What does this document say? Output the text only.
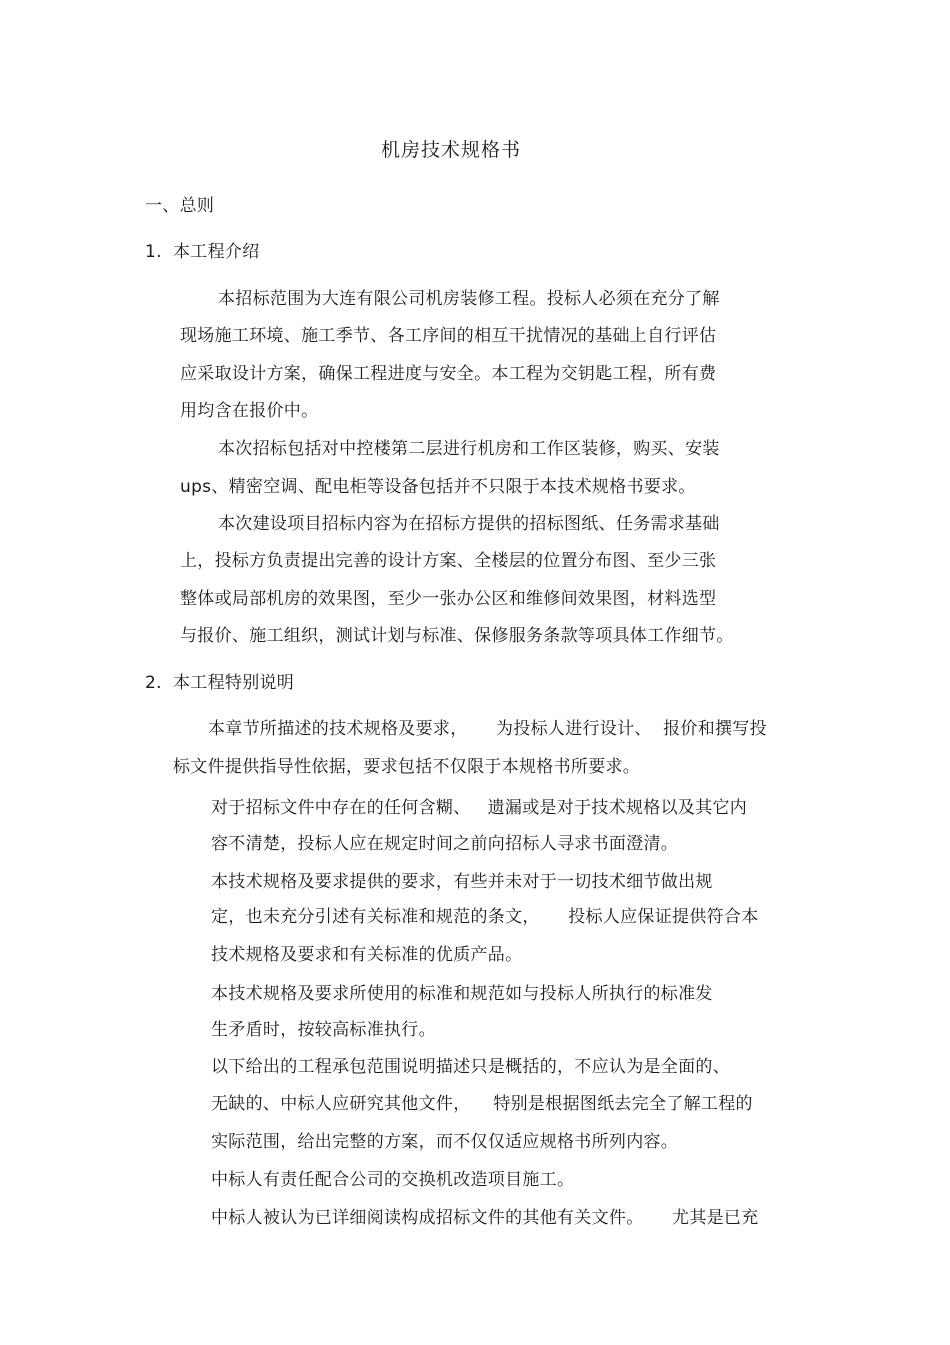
机房技术规格书
一、总则
1. 本工程介绍
本招标范围为大连有限公司机房装修工程。投标人必须在充分了解
现场施工环境、施工季节、各工序间的相互干扰情况的基础上自行评估
应采取设计方案，确保工程进度与安全。本工程为交钥匙工程，所有费
用均含在报价中。
本次招标包括对中控楼第二层进行机房和工作区装修，购买、安装
ups、精密空调、配电柜等设备包括并不只限于本技术规格书要求。
本次建设项目招标内容为在招标方提供的招标图纸、任务需求基础
上，投标方负责提出完善的设计方案、全楼层的位置分布图、至少三张
整体或局部机房的效果图，至少一张办公区和维修间效果图，材料选型
与报价、施工组织，测试计划与标准、保修服务条款等项具体工作细节。
2. 本工程特别说明
本章节所描述的技术规格及要求，     为投标人进行设计、  报价和撰写投
标文件提供指导性依据，要求包括不仅限于本规格书所要求。
对于招标文件中存在的任何含糊、   遗漏或是对于技术规格以及其它内
容不清楚，投标人应在规定时间之前向招标人寻求书面澄清。
本技术规格及要求提供的要求，有些并未对于一切技术细节做出规
定，也未充分引述有关标准和规范的条文，     投标人应保证提供符合本
技术规格及要求和有关标准的优质产品。
本技术规格及要求所使用的标准和规范如与投标人所执行的标准发
生矛盾时，按较高标准执行。
以下给出的工程承包范围说明描述只是概括的，不应认为是全面的、
无缺的、中标人应研究其他文件，    特别是根据图纸去完全了解工程的
实际范围，给出完整的方案，而不仅仅适应规格书所列内容。
中标人有责任配合公司的交换机改造项目施工。
中标人被认为已详细阅读构成招标文件的其他有关文件。     尤其是已充
